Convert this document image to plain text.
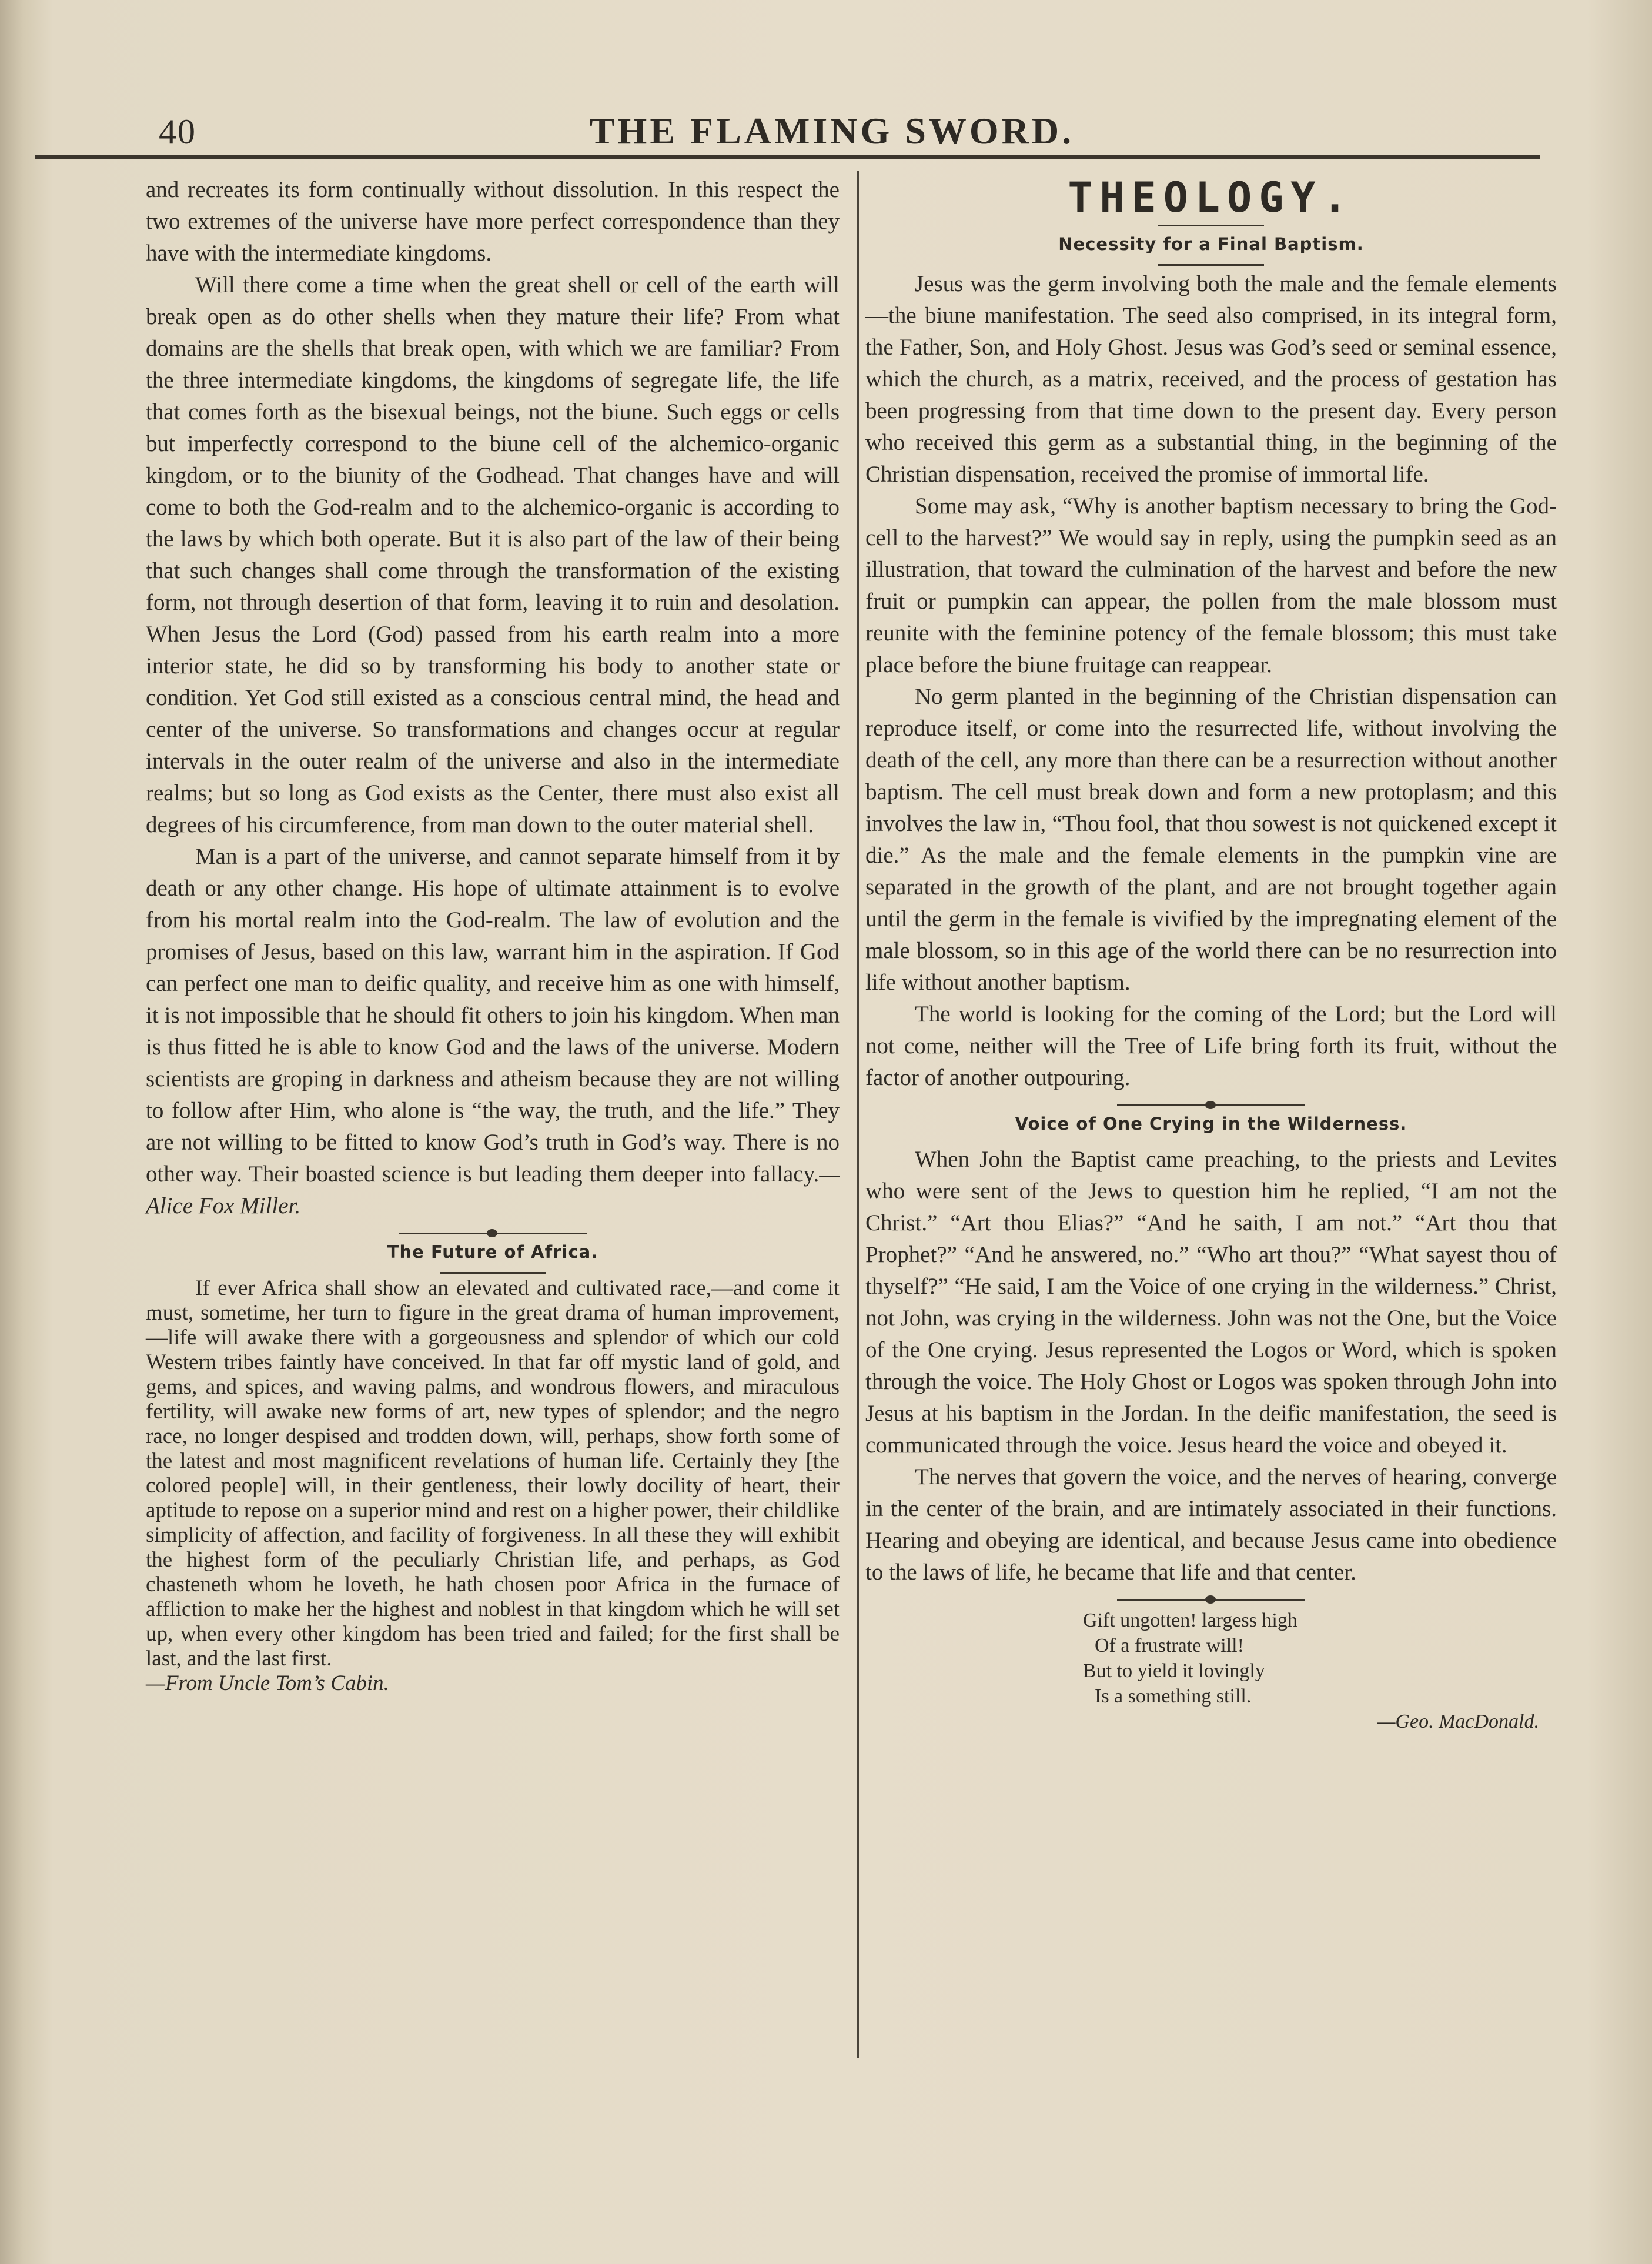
40	THE FLAMING SWORD.

and recreates its form continually without dissolution. In this respect the two extremes of the universe have more perfect correspondence than they have with the intermediate kingdoms.

Will there come a time when the great shell or cell of the earth will break open as do other shells when they mature their life? From what domains are the shells that break open, with which we are familiar? From the three intermediate kingdoms, the kingdoms of segregate life, the life that comes forth as the bisexual beings, not the biune. Such eggs or cells but imperfectly correspond to the biune cell of the alchemico-organic kingdom, or to the biunity of the Godhead. That changes have and will come to both the God-realm and to the alchemico-organic is according to the laws by which both operate. But it is also part of the law of their being that such changes shall come through the transformation of the existing form, not through desertion of that form, leaving it to ruin and desolation. When Jesus the Lord (God) passed from his earth realm into a more interior state, he did so by transforming his body to another state or condition. Yet God still existed as a conscious central mind, the head and center of the universe. So transformations and changes occur at regular intervals in the outer realm of the universe and also in the intermediate realms; but so long as God exists as the Center, there must also exist all degrees of his circumference, from man down to the outer material shell.

Man is a part of the universe, and cannot separate himself from it by death or any other change. His hope of ultimate attainment is to evolve from his mortal realm into the God-realm. The law of evolution and the promises of Jesus, based on this law, warrant him in the aspiration. If God can perfect one man to deific quality, and receive him as one with himself, it is not impossible that he should fit others to join his kingdom. When man is thus fitted he is able to know God and the laws of the universe. Modern scientists are groping in darkness and atheism because they are not willing to follow after Him, who alone is “the way, the truth, and the life.” They are not willing to be fitted to know God’s truth in God’s way. There is no other way. Their boasted science is but leading them deeper into fallacy.—Alice Fox Miller.

The Future of Africa.

If ever Africa shall show an elevated and cultivated race,—and come it must, sometime, her turn to figure in the great drama of human improvement,—life will awake there with a gorgeousness and splendor of which our cold Western tribes faintly have conceived. In that far off mystic land of gold, and gems, and spices, and waving palms, and wondrous flowers, and miraculous fertility, will awake new forms of art, new types of splendor; and the negro race, no longer despised and trodden down, will, perhaps, show forth some of the latest and most magnificent revelations of human life. Certainly they [the colored people] will, in their gentleness, their lowly docility of heart, their aptitude to repose on a superior mind and rest on a higher power, their childlike simplicity of affection, and facility of forgiveness. In all these they will exhibit the highest form of the peculiarly Christian life, and perhaps, as God chasteneth whom he loveth, he hath chosen poor Africa in the furnace of affliction to make her the highest and noblest in that kingdom which he will set up, when every other kingdom has been tried and failed; for the first shall be last, and the last first.
—From Uncle Tom’s Cabin.

THEOLOGY.
Necessity for a Final Baptism.

Jesus was the germ involving both the male and the female elements—the biune manifestation. The seed also comprised, in its integral form, the Father, Son, and Holy Ghost. Jesus was God’s seed or seminal essence, which the church, as a matrix, received, and the process of gestation has been progressing from that time down to the present day. Every person who received this germ as a substantial thing, in the beginning of the Christian dispensation, received the promise of immortal life.

Some may ask, “Why is another baptism necessary to bring the God-cell to the harvest?” We would say in reply, using the pumpkin seed as an illustration, that toward the culmination of the harvest and before the new fruit or pumpkin can appear, the pollen from the male blossom must reunite with the feminine potency of the female blossom; this must take place before the biune fruitage can reappear.

No germ planted in the beginning of the Christian dispensation can reproduce itself, or come into the resurrected life, without involving the death of the cell, any more than there can be a resurrection without another baptism. The cell must break down and form a new protoplasm; and this involves the law in, “Thou fool, that thou sowest is not quickened except it die.” As the male and the female elements in the pumpkin vine are separated in the growth of the plant, and are not brought together again until the germ in the female is vivified by the impregnating element of the male blossom, so in this age of the world there can be no resurrection into life without another baptism.

The world is looking for the coming of the Lord; but the Lord will not come, neither will the Tree of Life bring forth its fruit, without the factor of another outpouring.

Voice of One Crying in the Wilderness.

When John the Baptist came preaching, to the priests and Levites who were sent of the Jews to question him he replied, “I am not the Christ.” “Art thou Elias?” “And he saith, I am not.” “Art thou that Prophet?” “And he answered, no.” “Who art thou?” “What sayest thou of thyself?” “He said, I am the Voice of one crying in the wilderness.” Christ, not John, was crying in the wilderness. John was not the One, but the Voice of the One crying. Jesus represented the Logos or Word, which is spoken through the voice. The Holy Ghost or Logos was spoken through John into Jesus at his baptism in the Jordan. In the deific manifestation, the seed is communicated through the voice. Jesus heard the voice and obeyed it.

The nerves that govern the voice, and the nerves of hearing, converge in the center of the brain, and are intimately associated in their functions. Hearing and obeying are identical, and because Jesus came into obedience to the laws of life, he became that life and that center.

Gift ungotten! largess high
Of a frustrate will!
But to yield it lovingly
Is a something still.
—Geo. MacDonald.
